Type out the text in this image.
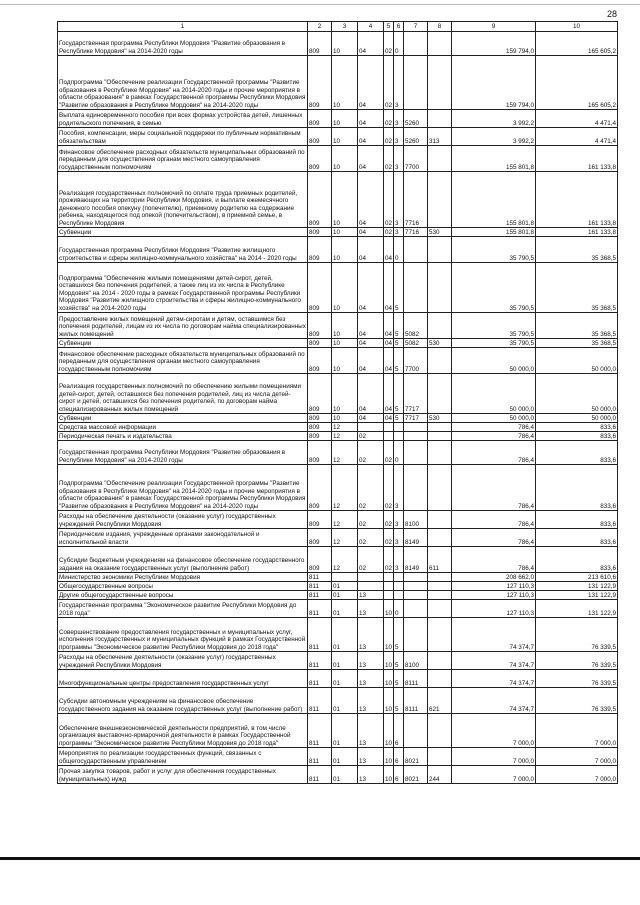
28
1	2	3	4	5	6	7	8	9	10
Государственная программа Республики Мордовия "Развитие образования в Республике Мордовия" на 2014-2020 годы	809	10	04	02	0			159 794,0	165 605,2
Подпрограмма "Обеспечение реализации Государственной программы "Развитие образования в Республике Мордовия" на 2014-2020 годы и прочие мероприятия в области образования" в рамках Государственной программы Республики Мордовия "Развитие образования в Республике Мордовия" на 2014-2020 годы	809	10	04	02	3			159 794,0	165 605,2
Выплата единовременного пособия при всех формах устройства детей, лишенных родительского попечения, в семью	809	10	04	02	3	5260		3 992,2	4 471,4
Пособия, компенсации, меры социальной поддержки по публичным нормативным обязательствам	809	10	04	02	3	5260	313	3 992,2	4 471,4
Финансовое обеспечение расходных обязательств муниципальных образований по переданным для осуществления органам местного самоуправления государственным полномочиям	809	10	04	02	3	7700		155 801,8	161 133,8
Реализация государственных полномочий по оплате труда приемных родителей, проживающих на территории Республики Мордовия, и выплате ежемесячного денежного пособия опекуну (попечителю), приемному родителю на содержание ребенка, находящегося под опекой (попечительством), в приемной семье, в Республике Мордовия	809	10	04	02	3	7716		155 801,8	161 133,8
Субвенции	809	10	04	02	3	7716	530	155 801,8	161 133,8
Государственная программа Республики Мордовия "Развитие жилищного строительства и сферы жилищно-коммунального хозяйства" на 2014 - 2020 годы	809	10	04	04	0			35 790,5	35 368,5
Подпрограмма "Обеспечение жилыми помещениями детей-сирот, детей, оставшихся без попечения родителей, а также лиц из их числа в Республике Мордовия" на 2014 - 2020 годы в рамках Государственной программы Республики Мордовия "Развитие жилищного строительства и сферы жилищно-коммунального хозяйства" на 2014-2020 годы	809	10	04	04	5			35 790,5	35 368,5
Предоставление жилых помещений детям-сиротам и детям, оставшимся без попечения родителей, лицам из их числа по договорам найма специализированных жилых помещений	809	10	04	04	5	5082		35 790,5	35 368,5
Субвенции	809	10	04	04	5	5082	530	35 790,5	35 368,5
Финансовое обеспечение расходных обязательств муниципальных образований по переданным для осуществления органам местного самоуправления государственным полномочиям	809	10	04	04	5	7700		50 000,0	50 000,0
Реализация государственных полномочий по обеспечению жилыми помещениями детей-сирот, детей, оставшихся без попечения родителей, лиц из числа детей-сирот и детей, оставшихся без попечения родителей, по договорам найма специализированных жилых помещений	809	10	04	04	5	7717		50 000,0	50 000,0
Субвенции	809	10	04	04	5	7717	530	50 000,0	50 000,0
Средства массовой информации	809	12						786,4	833,6
Периодическая печать и издательства	809	12	02					786,4	833,6
Государственная программа Республики Мордовия "Развитие образования в Республике Мордовия" на 2014-2020 годы	809	12	02	02	0			786,4	833,6
Подпрограмма "Обеспечение реализации Государственной программы "Развитие образования в Республике Мордовия" на 2014-2020 годы и прочие мероприятия в области образования" в рамках Государственной программы Республики Мордовия "Развитие образования в Республике Мордовия" на 2014-2020 годы	809	12	02	02	3			786,4	833,6
Расходы на обеспечение деятельности (оказание услуг) государственных учреждений Республики Мордовия	809	12	02	02	3	8100		786,4	833,6
Периодические издания, учрежденные органами законодательной и исполнительной власти	809	12	02	02	3	8149		786,4	833,6
Субсидии бюджетным учреждениям на финансовое обеспечение государственного задания на оказание государственных услуг (выполнение работ)	809	12	02	02	3	8149	611	786,4	833,6
Министерство экономики Республики Мордовия	811							208 662,0	213 610,6
Общегосударственные вопросы	811	01						127 110,3	131 122,9
Другие общегосударственные вопросы	811	01	13					127 110,3	131 122,9
Государственная программа "Экономическое развитие Республики Мордовия до 2018 года"	811	01	13	10	0			127 110,3	131 122,9
Совершенствование предоставления государственных и муниципальных услуг, исполнения государственных и муниципальных функций в рамках Государственной программы "Экономическое развитие Республики Мордовия до 2018 года"	811	01	13	10	5			74 374,7	76 339,5
Расходы на обеспечение деятельности (оказание услуг) государственных учреждений Республики Мордовия	811	01	13	10	5	8100		74 374,7	76 339,5
Многофункциональные центры предоставления государственных услуг	811	01	13	10	5	8111		74 374,7	76 339,5
Субсидии автономным учреждениям на финансовое обеспечение государственного задания на оказание государственных услуг (выполнение работ)	811	01	13	10	5	8111	621	74 374,7	76 339,5
Обеспечение внешнеэкономической деятельности предприятий, в том числе организация выставочно-ярмарочной деятельности в рамках Государственной программы "Экономическое развитие Республики Мордовия до 2018 года"	811	01	13	10	6			7 000,0	7 000,0
Мероприятия по реализации государственных функций, связанных с общегосударственным управлением	811	01	13	10	6	8021		7 000,0	7 000,0
Прочая закупка товаров, работ и услуг для обеспечения государственных (муниципальных) нужд	811	01	13	10	6	8021	244	7 000,0	7 000,0
